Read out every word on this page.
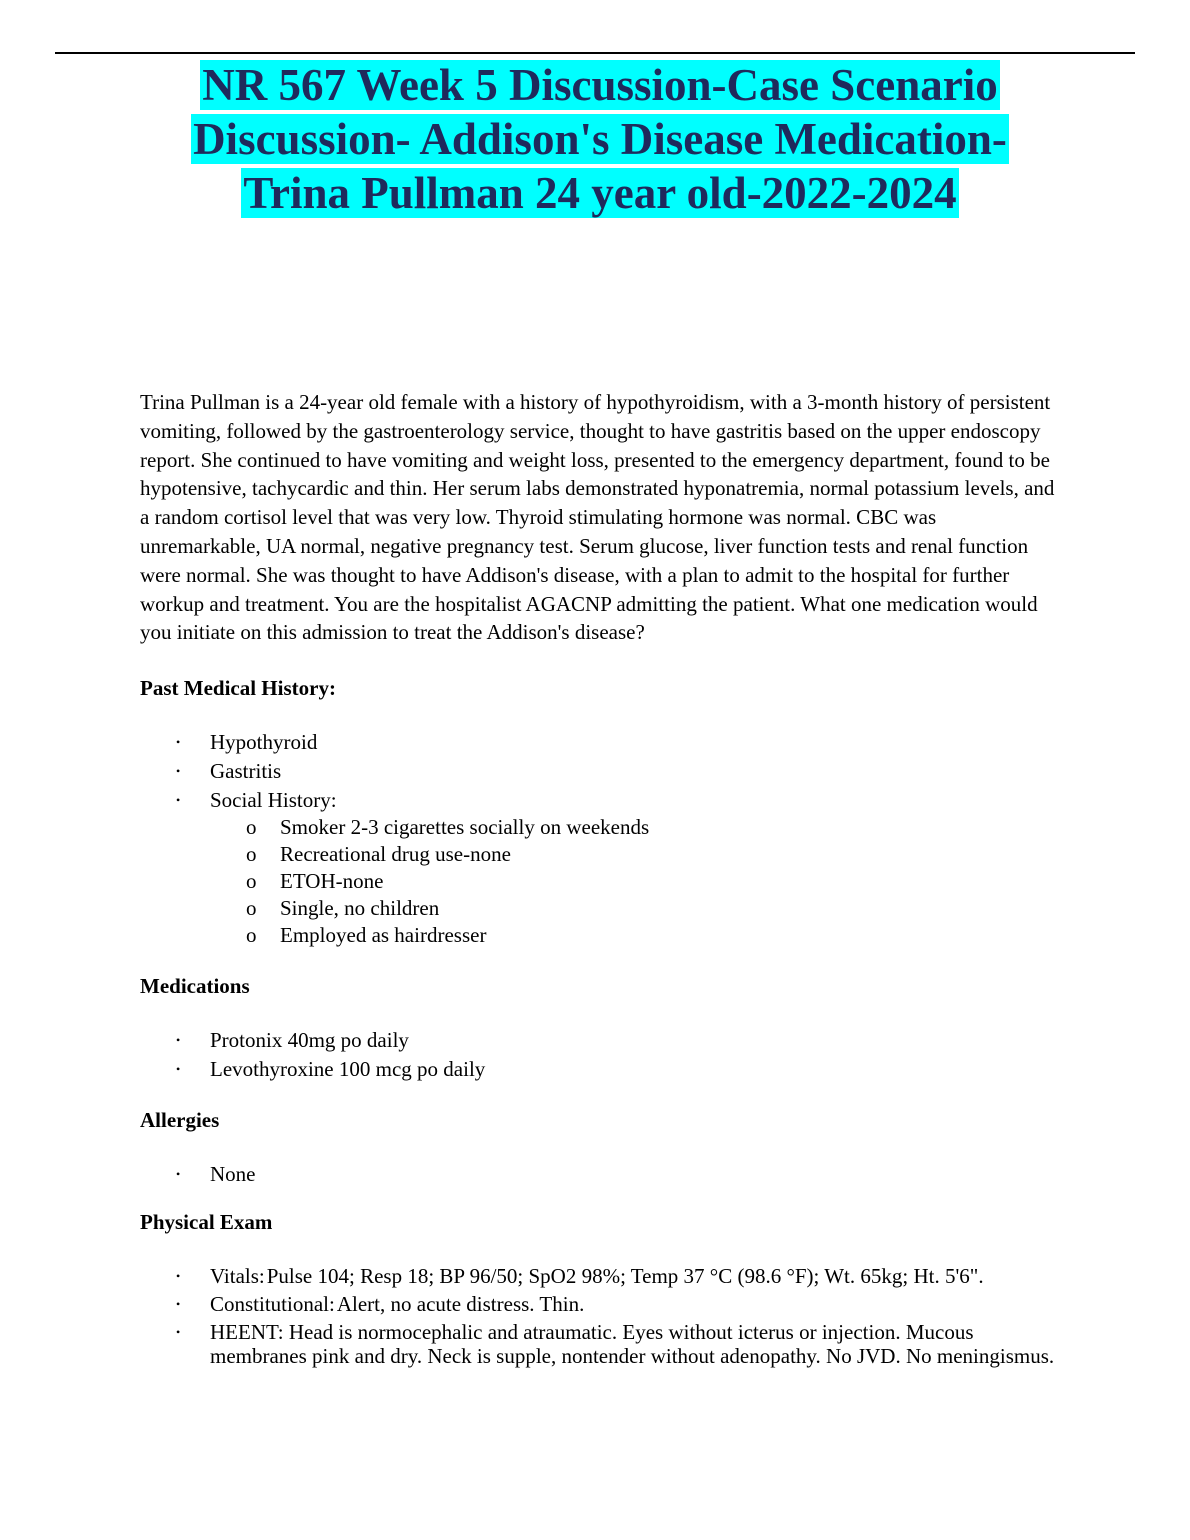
NR 567 Week 5 Discussion-Case Scenario
Discussion- Addison's Disease Medication-
Trina Pullman 24 year old-2022-2024

Trina Pullman is a 24-year old female with a history of hypothyroidism, with a 3-month history of persistent vomiting, followed by the gastroenterology service, thought to have gastritis based on the upper endoscopy report. She continued to have vomiting and weight loss, presented to the emergency department, found to be hypotensive, tachycardic and thin. Her serum labs demonstrated hyponatremia, normal potassium levels, and a random cortisol level that was very low. Thyroid stimulating hormone was normal. CBC was unremarkable, UA normal, negative pregnancy test. Serum glucose, liver function tests and renal function were normal. She was thought to have Addison's disease, with a plan to admit to the hospital for further workup and treatment. You are the hospitalist AGACNP admitting the patient. What one medication would you initiate on this admission to treat the Addison's disease?

Past Medical History:

• Hypothyroid
• Gastritis
• Social History:
o Smoker 2-3 cigarettes socially on weekends
o Recreational drug use-none
o ETOH-none
o Single, no children
o Employed as hairdresser

Medications

• Protonix 40mg po daily
• Levothyroxine 100 mcg po daily

Allergies

• None

Physical Exam

• Vitals:Pulse 104; Resp 18; BP 96/50; SpO2 98%; Temp 37 °C (98.6 °F); Wt. 65kg; Ht. 5'6".
• Constitutional:Alert, no acute distress. Thin.
• HEENT: Head is normocephalic and atraumatic. Eyes without icterus or injection. Mucous membranes pink and dry. Neck is supple, nontender without adenopathy. No JVD. No meningismus.
